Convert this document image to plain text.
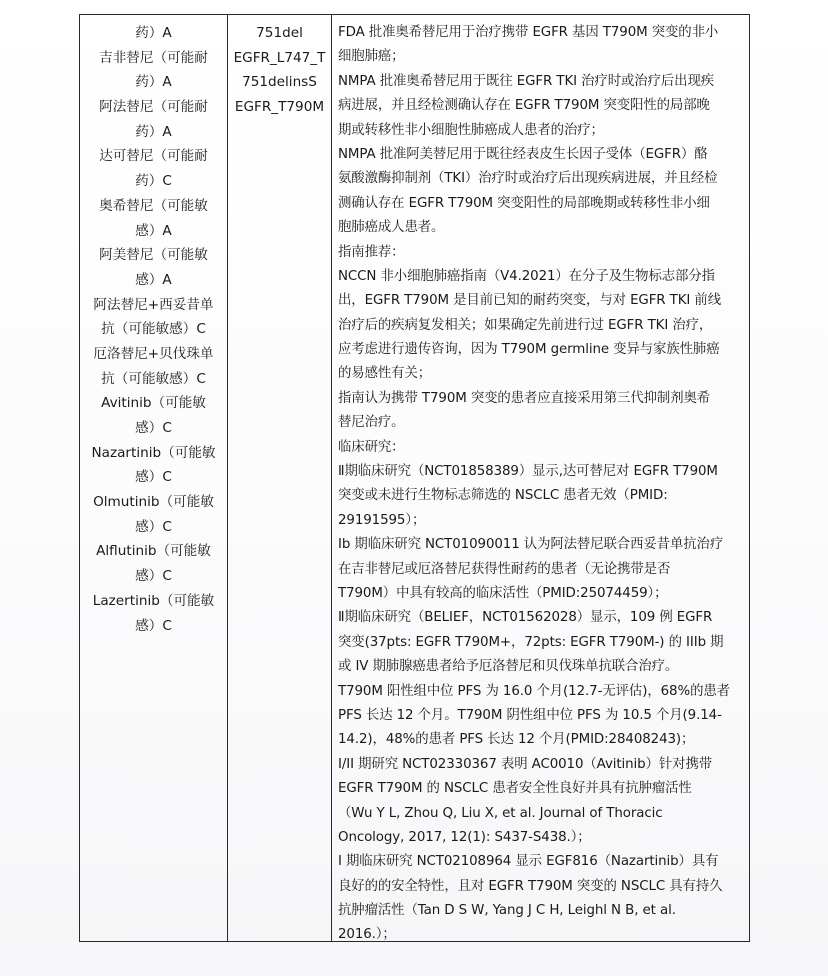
药）A
吉非替尼（可能耐
药）A
阿法替尼（可能耐
药）A
达可替尼（可能耐
药）C
奥希替尼（可能敏
感）A
阿美替尼（可能敏
感）A
阿法替尼+西妥昔单
抗（可能敏感）C
厄洛替尼+贝伐珠单
抗（可能敏感）C
Avitinib（可能敏
感）C
Nazartinib（可能敏
感）C
Olmutinib（可能敏
感）C
Alflutinib（可能敏
感）C
Lazertinib（可能敏
感）C
751del
EGFR_L747_T
751delinsS
EGFR_T790M
FDA 批准奥希替尼用于治疗携带 EGFR 基因 T790M 突变的非小
细胞肺癌；
NMPA 批准奥希替尼用于既往 EGFR TKI 治疗时或治疗后出现疾
病进展，并且经检测确认存在 EGFR T790M 突变阳性的局部晚
期或转移性非小细胞性肺癌成人患者的治疗；
NMPA 批准阿美替尼用于既往经表皮生长因子受体（EGFR）酪
氨酸激酶抑制剂（TKI）治疗时或治疗后出现疾病进展，并且经检
测确认存在 EGFR T790M 突变阳性的局部晚期或转移性非小细
胞肺癌成人患者。
指南推荐：
NCCN 非小细胞肺癌指南（V4.2021）在分子及生物标志部分指
出，EGFR T790M 是目前已知的耐药突变，与对 EGFR TKI 前线
治疗后的疾病复发相关；如果确定先前进行过 EGFR TKI 治疗，
应考虑进行遗传咨询，因为 T790M germline 变异与家族性肺癌
的易感性有关；
指南认为携带 T790M 突变的患者应直接采用第三代抑制剂奥希
替尼治疗。
临床研究：
Ⅱ期临床研究（NCT01858389）显示,达可替尼对 EGFR T790M
突变或未进行生物标志筛选的 NSCLC 患者无效（PMID:
29191595）；
Ib 期临床研究 NCT01090011 认为阿法替尼联合西妥昔单抗治疗
在吉非替尼或厄洛替尼获得性耐药的患者（无论携带是否
T790M）中具有较高的临床活性（PMID:25074459）；
Ⅱ期临床研究（BELIEF，NCT01562028）显示，109 例 EGFR
突变(37pts: EGFR T790M+，72pts: EGFR T790M-) 的 IIIb 期
或 IV 期肺腺癌患者给予厄洛替尼和贝伐珠单抗联合治疗。
T790M 阳性组中位 PFS 为 16.0 个月(12.7-无评估)，68%的患者
PFS 长达 12 个月。T790M 阴性组中位 PFS 为 10.5 个月(9.14-
14.2)，48%的患者 PFS 长达 12 个月(PMID:28408243)；
I/II 期研究 NCT02330367 表明 AC0010（Avitinib）针对携带
EGFR T790M 的 NSCLC 患者安全性良好并具有抗肿瘤活性
（Wu Y L, Zhou Q, Liu X, et al. Journal of Thoracic
Oncology, 2017, 12(1): S437-S438.）；
I 期临床研究 NCT02108964 显示 EGF816（Nazartinib）具有
良好的的安全特性，且对 EGFR T790M 突变的 NSCLC 具有持久
抗肿瘤活性（Tan D S W, Yang J C H, Leighl N B, et al.
2016.）；
